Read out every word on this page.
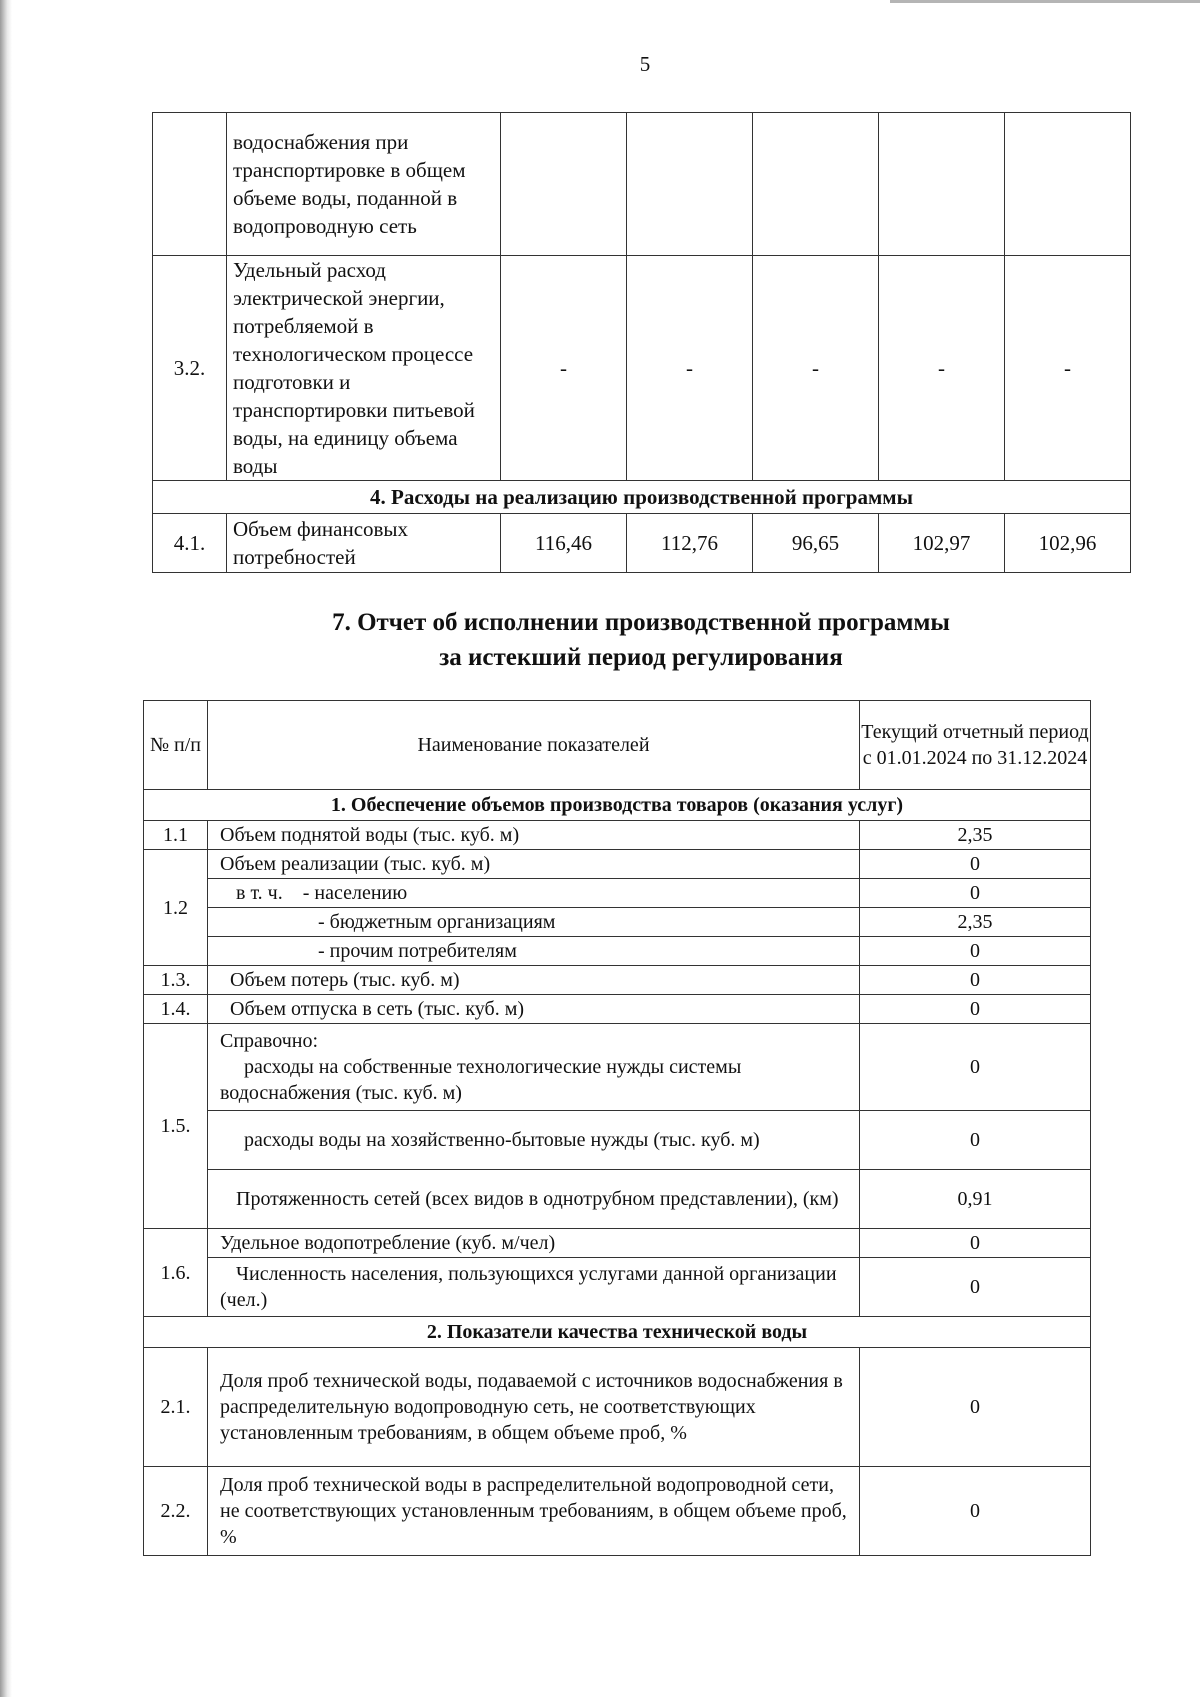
5
	водоснабжения при транспортировке в общем объеме воды, поданной в водопроводную сеть					
3.2.	Удельный расход электрической энергии, потребляемой в технологическом процессе подготовки и транспортировки питьевой воды, на единицу объема воды	-	-	-	-	-
4. Расходы на реализацию производственной программы						
4.1.	Объем финансовых потребностей	116,46	112,76	96,65	102,97	102,96
7. Отчет об исполнении производственной программы
за истекший период регулирования
№ п/п	Наименование показателей	Текущий отчетный период с 01.01.2024 по 31.12.2024
1. Обеспечение объемов производства товаров (оказания услуг)		
1.1	Объем поднятой воды (тыс. куб. м)	2,35
1.2	Объем реализации (тыс. куб. м)	0
	в т. ч.    - населению	0
	- бюджетным организациям	2,35
	- прочим потребителям	0
1.3.	Объем потерь (тыс. куб. м)	0
1.4.	Объем отпуска в сеть (тыс. куб. м)	0
1.5.	Справочно:
расходы на собственные технологические нужды системы водоснабжения (тыс. куб. м)	0
	расходы воды на хозяйственно-бытовые нужды (тыс. куб. м)	0
	Протяженность сетей (всех видов в однотрубном представлении), (км)	0,91
1.6.	Удельное водопотребление (куб. м/чел)	0
	Численность населения, пользующихся услугами данной организации (чел.)	0
2. Показатели качества технической воды		
2.1.	Доля проб технической воды, подаваемой с источников водоснабжения в распределительную водопроводную сеть, не соответствующих установленным требованиям, в общем объеме проб, %	0
2.2.	Доля проб технической воды в распределительной водопроводной сети, не соответствующих установленным требованиям, в общем объеме проб, %	0
